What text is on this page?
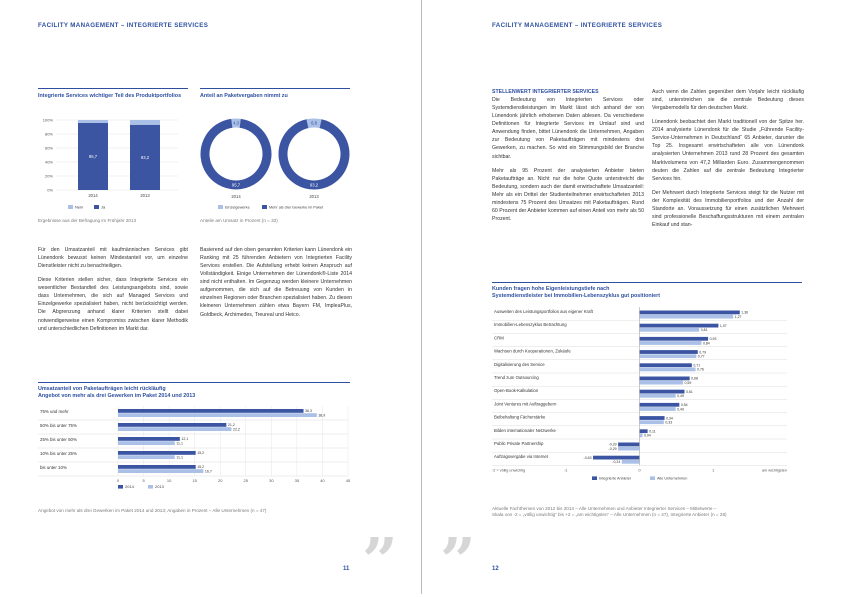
FACILITY MANAGEMENT – INTEGRIERTE SERVICES
Integrierte Services wichtiger Teil des Produktportfolios
0%
20%
40%
60%
80%
100%
95,7
4,3
2014
93,2
6,8
2013
Nein	Ja
Ergebnisse aus der Befragung im Frühjahr 2013
Anteil an Paketvergaben nimmt zu
4,3
95,7
2014
6,8
93,2
2013
Einzelgewerke	Mehr als drei Gewerke im Paket
Anteile am Umsatz in Prozent (n = 33)

Für den Umsatzanteil mit kaufmännischen Services gibt Lünendonk bewusst keinen Mindestanteil vor, um einzelne Dienstleister nicht zu benachteiligen.

Diese Kriterien stellen sicher, dass Integrierte Services ein wesentlicher Bestandteil des Leistungsangebots sind, sowie dass Unternehmen, die sich auf Managed Services und Einzelgewerke spezialisiert haben, nicht berücksichtigt werden. Die Abgrenzung anhand klarer Kriterien stellt dabei notwendigerweise einen Kompromiss zwischen klarer Methodik und unterschiedlichen Definitionen im Markt dar.

Basierend auf den oben genannten Kriterien kann Lünendonk ein Ranking mit 25 führenden Anbietern von Integrierten Facility Services erstellen. Die Aufstellung erhebt keinen Anspruch auf Vollständigkeit. Einige Unternehmen der Lünendonk®-Liste 2014 sind nicht enthalten. Im Gegenzug werden kleinere Unternehmen aufgenommen, die sich auf die Betreuung von Kunden in einzelnen Regionen oder Branchen spezialisiert haben. Zu diesen kleineren Unternehmen zählen etwa Bayern FM, ImpleaPlus, Goldbeck, Archimedes, Treureal und Heico.

Umsatzanteil von Paketaufträgen leicht rückläufig
Angebot von mehr als drei Gewerken im Paket 2014 und 2013
0	5	10	15	20	25	30	35	40	45
75% und mehr	36,3
38,9
50% bis unter 75%	21,2
22,2
25% bis unter 50%	12,1
11,1
10% bis unter 25%	15,2
11,1
bis unter 10%	15,2
16,7
2014	2013
Angebot von mehr als drei Gewerken im Paket 2014 und 2013; Angaben in Prozent – Alle Unternehmen (n = 47)
”
11
FACILITY MANAGEMENT – INTEGRIERTE SERVICES
STELLENWERT INTEGRIERTER SERVICES

Die Bedeutung von Integrierten Services oder Systemdienstleistungen im Markt lässt sich anhand der von Lünendonk jährlich erhobenen Daten ablesen. Da verschiedene Definitionen für Integrierte Services im Umlauf sind und Anwendung finden, bittet Lünendonk die Unternehmen, Angaben zur Bedeutung von Paketaufträgen mit mindestens drei Gewerken, zu machen. So wird ein Stimmungsbild der Branche sichtbar.

Mehr als 95 Prozent der analysierten Anbieter bieten Paketaufträge an. Nicht nur die hohe Quote unterstreicht die Bedeutung, sondern auch der damit erwirtschaftete Umsatzanteil: Mehr als ein Drittel der Studienteilnehmer erwirtschafteten 2013 mindestens 75 Prozent des Umsatzes mit Paketaufträgen. Rund 60 Prozent der Anbieter kommen auf einen Anteil von mehr als 50 Prozent.

Auch wenn die Zahlen gegenüber dem Vorjahr leicht rückläufig sind, unterstreichen sie die zentrale Bedeutung dieses Vergabemodells für den deutschen Markt.

Lünendonk beobachtet den Markt traditionell von der Spitze her. 2014 analysierte Lünendonk für die Studie „Führende Facility-Service-Unternehmen in Deutschland“ 65 Anbieter, darunter die Top 25. Insgesamt erwirtschafteten alle von Lünendonk analysierten Unternehmen 2013 rund 28 Prozent des gesamten Marktvolumens von 47,2 Milliarden Euro. Zusammengenommen deuten die Zahlen auf die zentrale Bedeutung Integrierter Services hin.

Der Mehrwert durch Integrierte Services steigt für die Nutzer mit der Komplexität des Immobilienportfolios und der Anzahl der Standorte an. Voraussetzung für einen zusätzlichen Mehrwert sind professionelle Beschaffungsstrukturen mit einem zentralen Einkauf und stan-

Kunden fragen hohe Eigenleistungstiefe nach
Systemdienstleister bei Immobilien-Lebenszyklus gut positioniert
Ausweiten des Leistungsportfolios aus eigener Kraft	1,36
1,27
Immobilien-Lebenszyklus Betrachtung	1,07
0,81
CRM	0,93
0,84
Wachsen durch Kooperationen, Zukäufe	0,79
0,77
Digitalisierung des Service	0,71
0,76
Trend zum Outsourcing	0,68
0,59
Open-Book-Kalkulation	0,61
0,49
Joint Ventures mit Auftraggebern	0,54
0,49
Beibehaltung Fächerstärke	0,34
0,33
Bilden internationaler Netzwerke	0,11
0,04
Public Private Partnership	-0,29
-0,29
Auftragsvergabe via Internet	-0,63
-0,24
-1	0	1
-2 = völlig unwichtig	am wichtigsten
Integrierte Anbieter	Alle Unternehmen
Aktuelle Fachthemen von 2012 bis 2014 – Alle Unternehmen und Anbieter Integrierter Services – Mittelwerte –
Skala von -2 = „völlig unwichtig“ bis +2 = „am wichtigsten“ – Alle Unternehmen (n = 47), Integrierte Anbieter (n = 28)
”	12
